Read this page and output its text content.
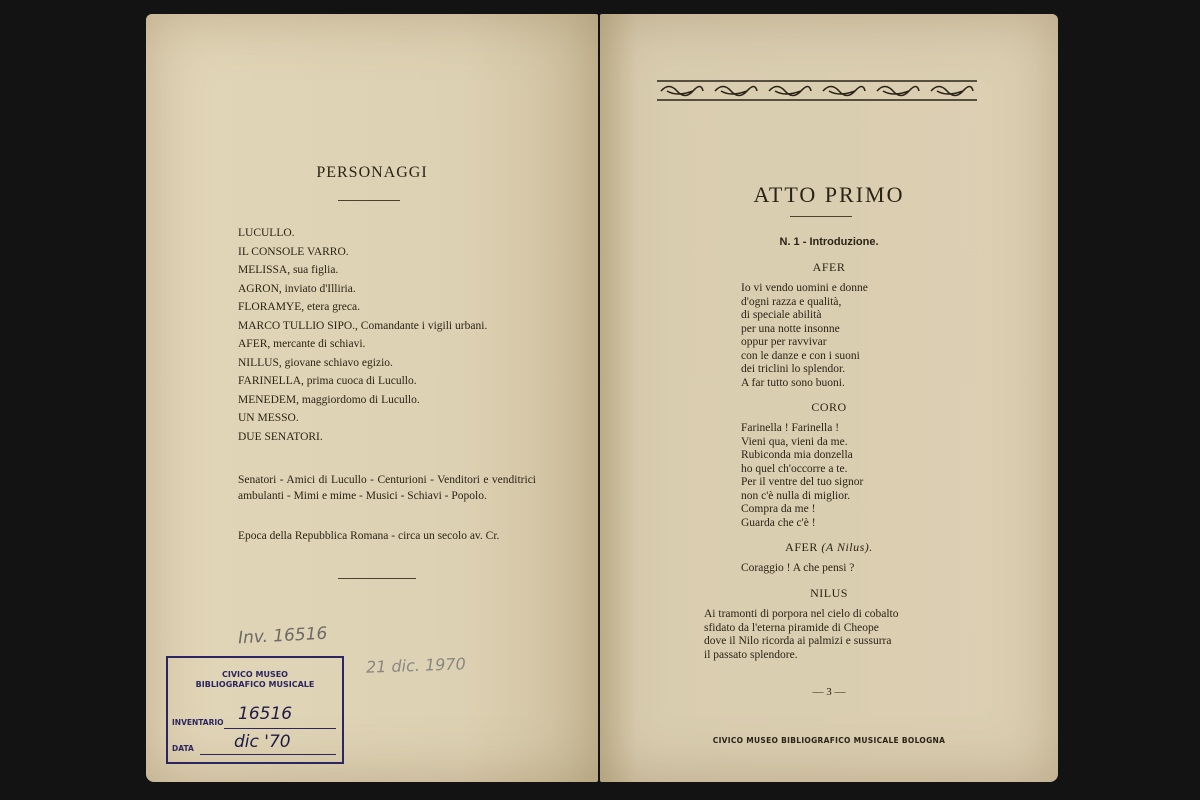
PERSONAGGI

LUCULLO.
IL CONSOLE VARRO.
MELISSA, sua figlia.
AGRON, inviato d'Illiria.
FLORAMYE, etera greca.
MARCO TULLIO SIPO., Comandante i vigili urbani.
AFER, mercante di schiavi.
NILLUS, giovane schiavo egizio.
FARINELLA, prima cuoca di Lucullo.
MENEDEM, maggiordomo di Lucullo.
UN MESSO.
DUE SENATORI.

Senatori - Amici di Lucullo - Centurioni - Venditori e venditrici ambulanti - Mimi e mime - Musici - Schiavi - Popolo.

Epoca della Repubblica Romana - circa un secolo av. Cr.

Inv. 16516

21 dic. 1970

CIVICO MUSEO
BIBLIOGRAFICO MUSICALE
INVENTARIO 16516
DATA dic '70

ATTO PRIMO

N. 1 - Introduzione.

AFER

Io vi vendo uomini e donne
d'ogni razza e qualità,
di speciale abilità
per una notte insonne
oppur per ravvivar
con le danze e con i suoni
dei triclini lo splendor.
A far tutto sono buoni.

CORO

Farinella ! Farinella !
Vieni qua, vieni da me.
Rubiconda mia donzella
ho quel ch'occorre a te.
Per il ventre del tuo signor
non c'è nulla di miglior.
Compra da me !
Guarda che c'è !

AFER (A Nilus).

Coraggio ! A che pensi ?

NILUS

Ai tramonti di porpora nel cielo di cobalto
sfidato da l'eterna piramide di Cheope
dove il Nilo ricorda ai palmizi e sussurra
il passato splendore.

— 3 —

CIVICO MUSEO BIBLIOGRAFICO MUSICALE BOLOGNA
